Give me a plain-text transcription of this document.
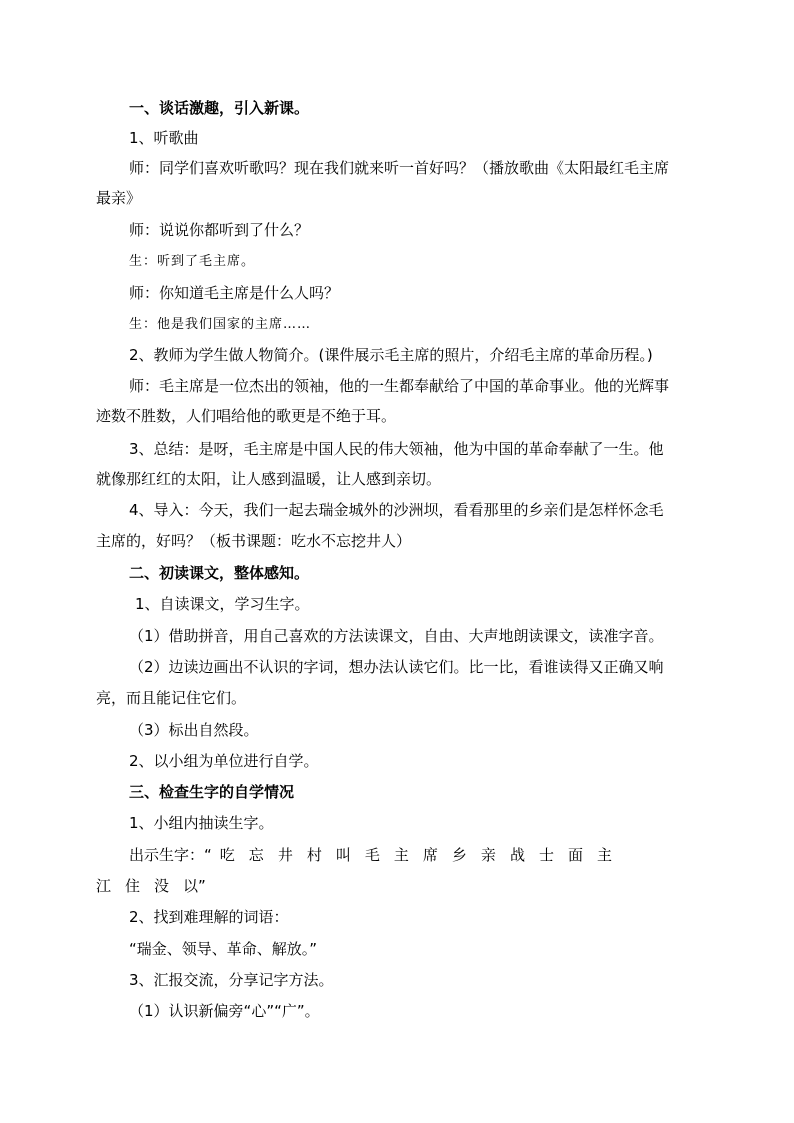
一、谈话激趣，引入新课。
1、听歌曲
师：同学们喜欢听歌吗？现在我们就来听一首好吗？（播放歌曲《太阳最红毛主席
最亲》
师：说说你都听到了什么？
生：听到了毛主席。
师：你知道毛主席是什么人吗？
生：他是我们国家的主席……
2、教师为学生做人物简介。(课件展示毛主席的照片，介绍毛主席的革命历程。)
师：毛主席是一位杰出的领袖，他的一生都奉献给了中国的革命事业。他的光辉事
迹数不胜数，人们唱给他的歌更是不绝于耳。
3、总结：是呀，毛主席是中国人民的伟大领袖，他为中国的革命奉献了一生。他
就像那红红的太阳，让人感到温暖，让人感到亲切。
4、导入：今天，我们一起去瑞金城外的沙洲坝，看看那里的乡亲们是怎样怀念毛
主席的，好吗？（板书课题：吃水不忘挖井人）
二、初读课文，整体感知。
1、自读课文，学习生字。
（1）借助拼音，用自己喜欢的方法读课文，自由、大声地朗读课文，读准字音。
（2）边读边画出不认识的字词，想办法认读它们。比一比，看谁读得又正确又响
亮，而且能记住它们。
（3）标出自然段。
2、以小组为单位进行自学。
三、检查生字的自学情况
1、小组内抽读生字。
出示生字：“ 吃 忘 井 村 叫 毛 主 席 乡 亲 战 士 面 主
江 住 没 以”
2、找到难理解的词语：
“瑞金、领导、革命、解放。”
3、汇报交流，分享记字方法。
（1）认识新偏旁“心”“广”。
